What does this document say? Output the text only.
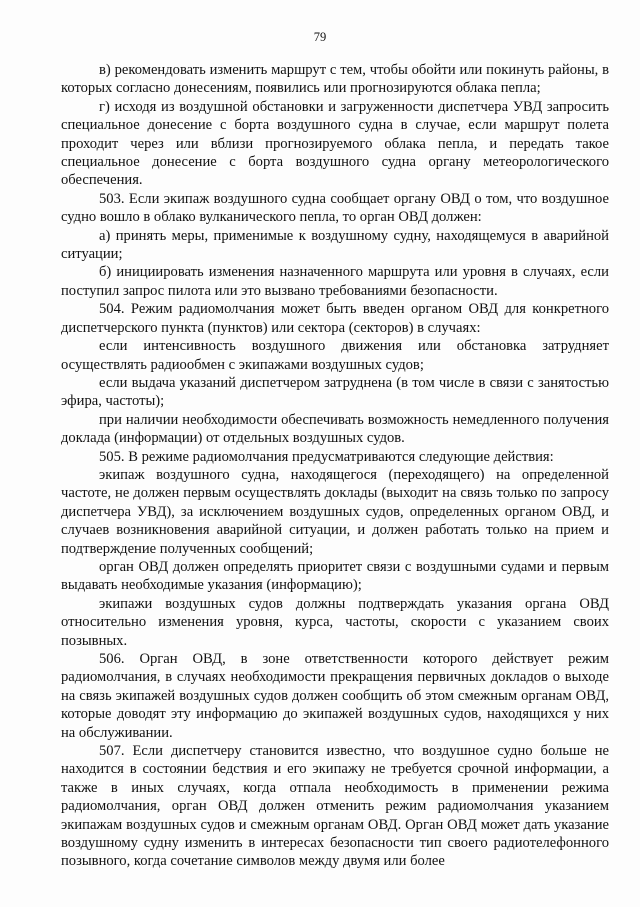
79

в) рекомендовать изменить маршрут с тем, чтобы обойти или покинуть районы, в которых согласно донесениям, появились или прогнозируются облака пепла;

г) исходя из воздушной обстановки и загруженности диспетчера УВД запросить специальное донесение с борта воздушного судна в случае, если маршрут полета проходит через или вблизи прогнозируемого облака пепла, и передать такое специальное донесение с борта воздушного судна органу метеорологического обеспечения.

503. Если экипаж воздушного судна сообщает органу ОВД о том, что воздушное судно вошло в облако вулканического пепла, то орган ОВД должен:

а) принять меры, применимые к воздушному судну, находящемуся в аварийной ситуации;

б) инициировать изменения назначенного маршрута или уровня в случаях, если поступил запрос пилота или это вызвано требованиями безопасности.

504. Режим радиомолчания может быть введен органом ОВД для конкретного диспетчерского пункта (пунктов) или сектора (секторов) в случаях:

если интенсивность воздушного движения или обстановка затрудняет осуществлять радиообмен с экипажами воздушных судов;

если выдача указаний диспетчером затруднена (в том числе в связи с занятостью эфира, частоты);

при наличии необходимости обеспечивать возможность немедленного получения доклада (информации) от отдельных воздушных судов.

505. В режиме радиомолчания предусматриваются следующие действия:

экипаж воздушного судна, находящегося (переходящего) на определенной частоте, не должен первым осуществлять доклады (выходит на связь только по запросу диспетчера УВД), за исключением воздушных судов, определенных органом ОВД, и случаев возникновения аварийной ситуации, и должен работать только на прием и подтверждение полученных сообщений;

орган ОВД должен определять приоритет связи с воздушными судами и первым выдавать необходимые указания (информацию);

экипажи воздушных судов должны подтверждать указания органа ОВД относительно изменения уровня, курса, частоты, скорости с указанием своих позывных.

506. Орган ОВД, в зоне ответственности которого действует режим радиомолчания, в случаях необходимости прекращения первичных докладов о выходе на связь экипажей воздушных судов должен сообщить об этом смежным органам ОВД, которые доводят эту информацию до экипажей воздушных судов, находящихся у них на обслуживании.

507. Если диспетчеру становится известно, что воздушное судно больше не находится в состоянии бедствия и его экипажу не требуется срочной информации, а также в иных случаях, когда отпала необходимость в применении режима радиомолчания, орган ОВД должен отменить режим радиомолчания указанием экипажам воздушных судов и смежным органам ОВД. Орган ОВД может дать указание воздушному судну изменить в интересах безопасности тип своего радиотелефонного позывного, когда сочетание символов между двумя или более
